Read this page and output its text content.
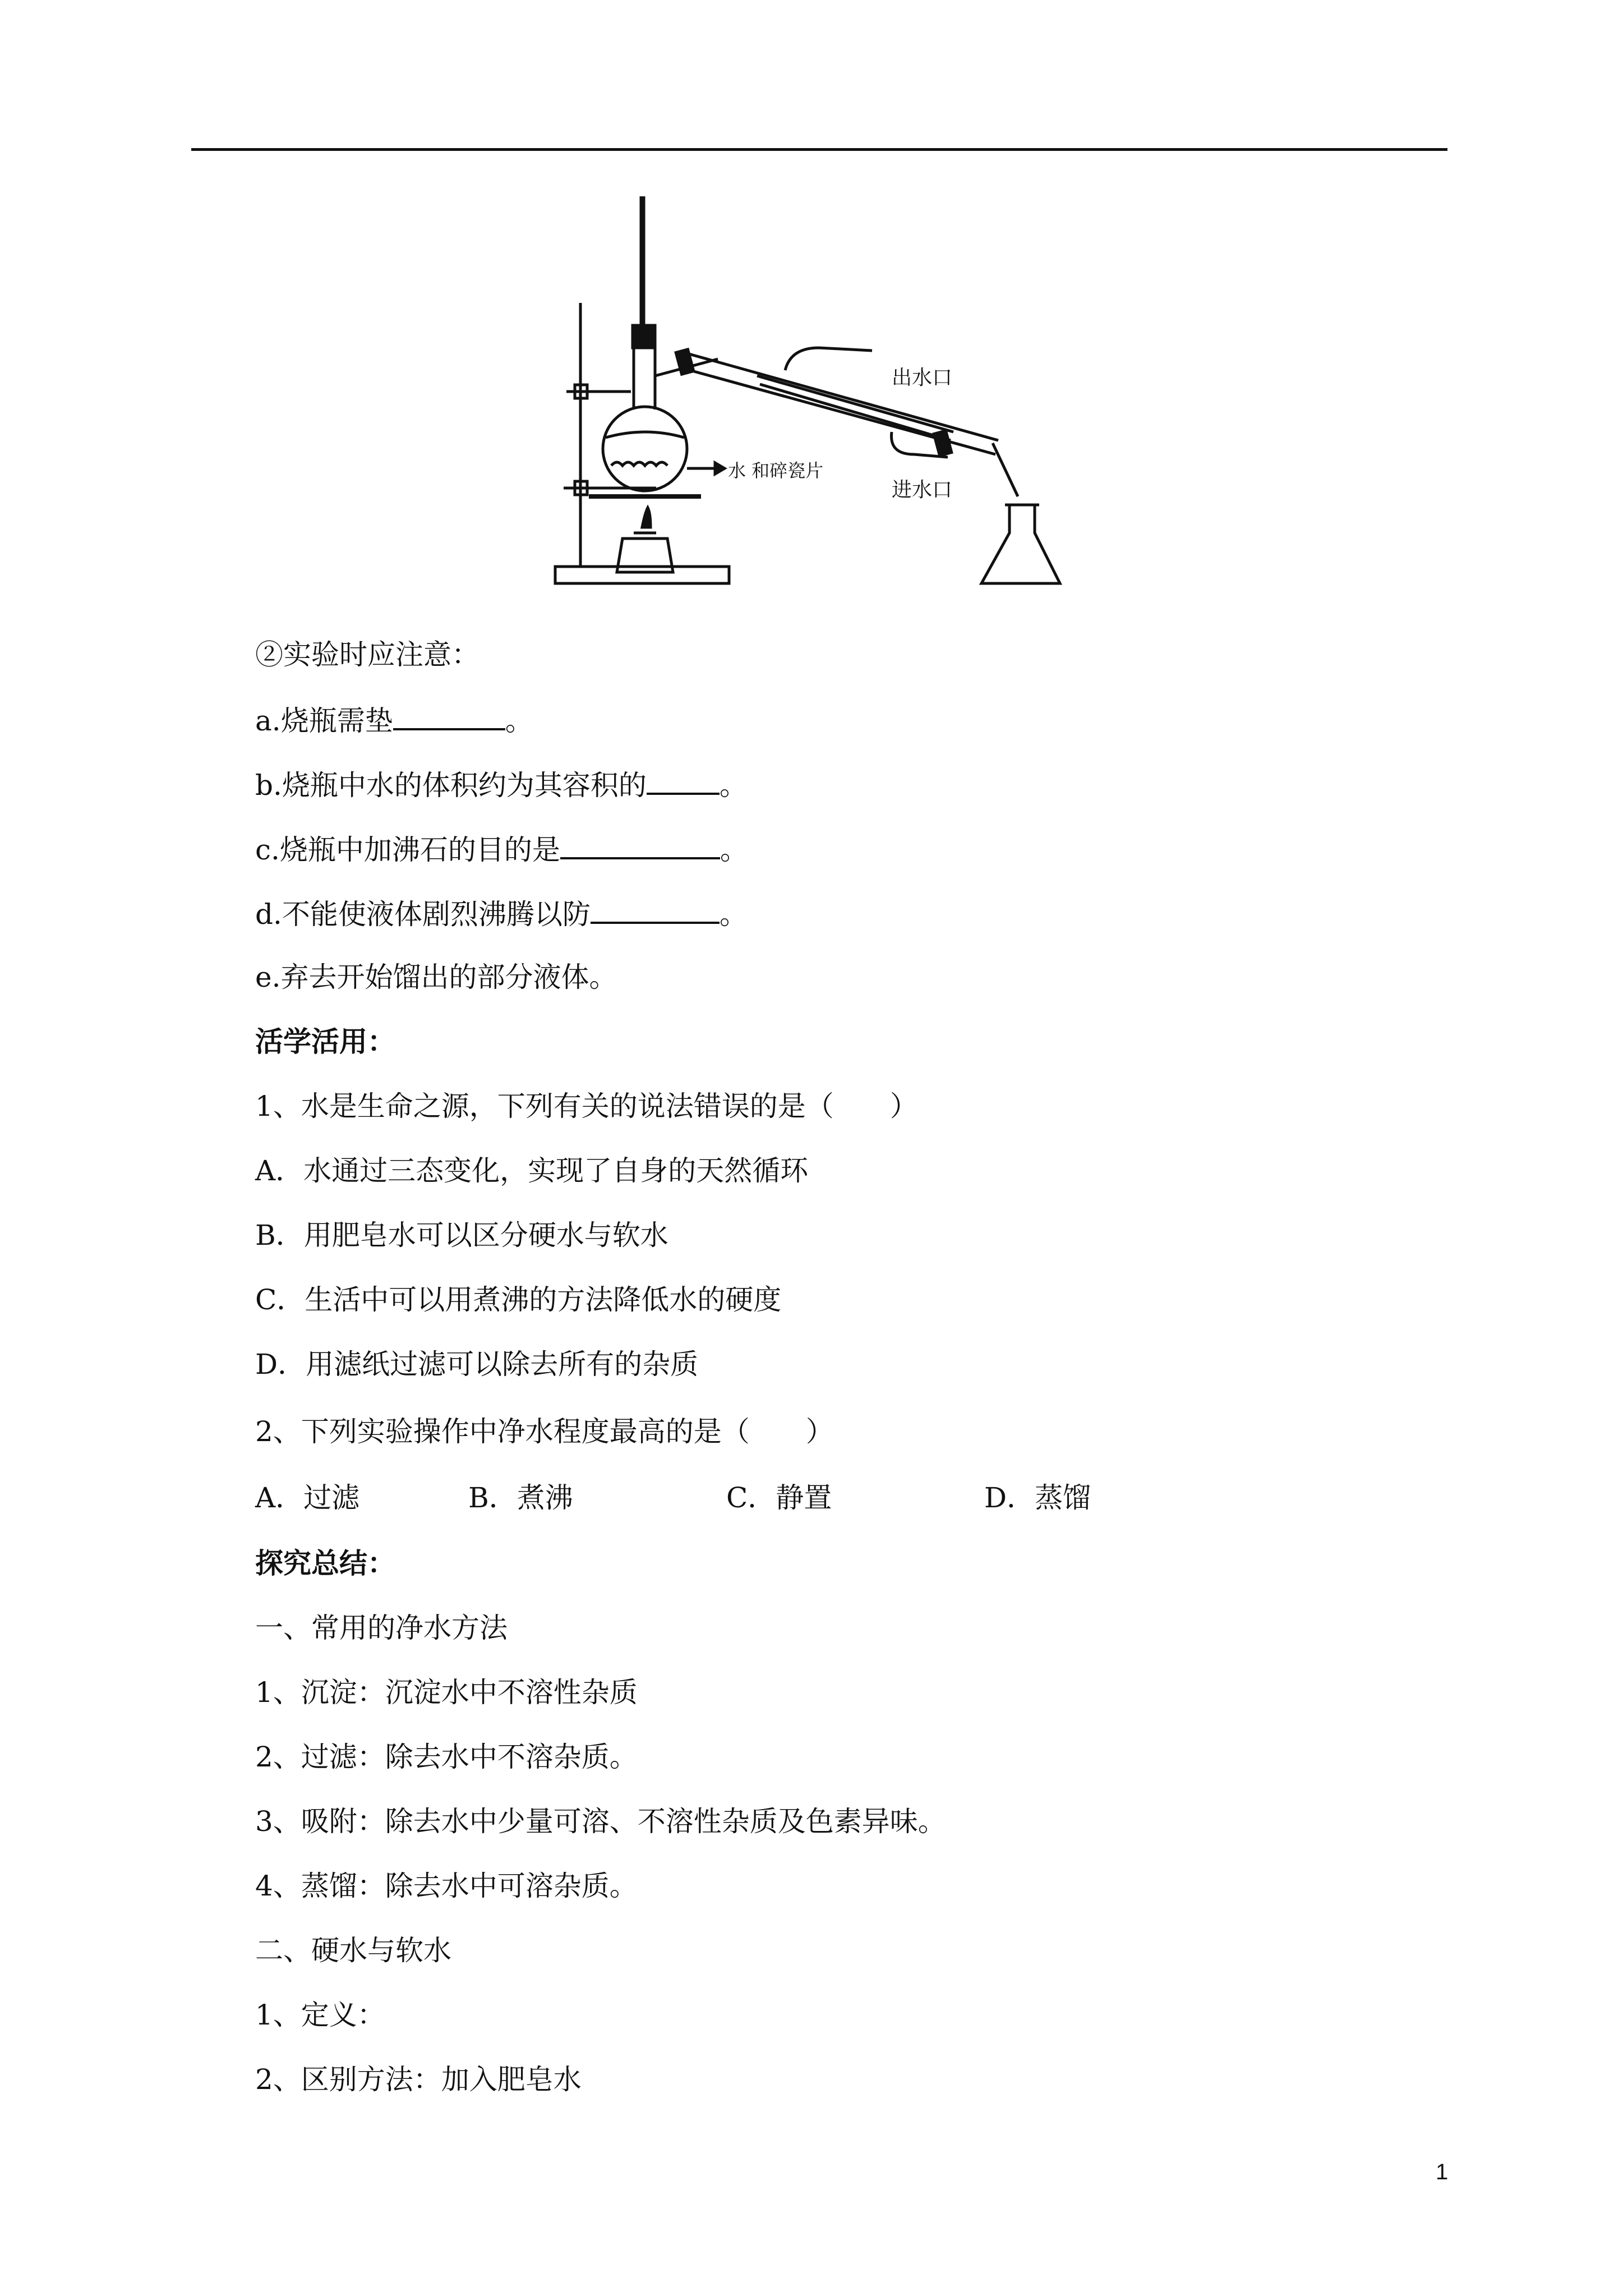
出水口
进水口
水 和碎瓷片
②实验时应注意：
a.烧瓶需垫	。
b.烧瓶中水的体积约为其容积的	。
c.烧瓶中加沸石的目的是	。
d.不能使液体剧烈沸腾以防	。
e.弃去开始馏出的部分液体。
活学活用：
1、水是生命之源，下列有关的说法错误的是（　　）
A．水通过三态变化，实现了自身的天然循环
B．用肥皂水可以区分硬水与软水
C．生活中可以用煮沸的方法降低水的硬度
D．用滤纸过滤可以除去所有的杂质
2、下列实验操作中净水程度最高的是（　　）
A．过滤	B．煮沸	C．静置	D．蒸馏
探究总结：
一、常用的净水方法
1、沉淀：沉淀水中不溶性杂质
2、过滤：除去水中不溶杂质。
3、吸附：除去水中少量可溶、不溶性杂质及色素异味。
4、蒸馏：除去水中可溶杂质。
二、硬水与软水
1、定义：
2、区别方法：加入肥皂水
1
